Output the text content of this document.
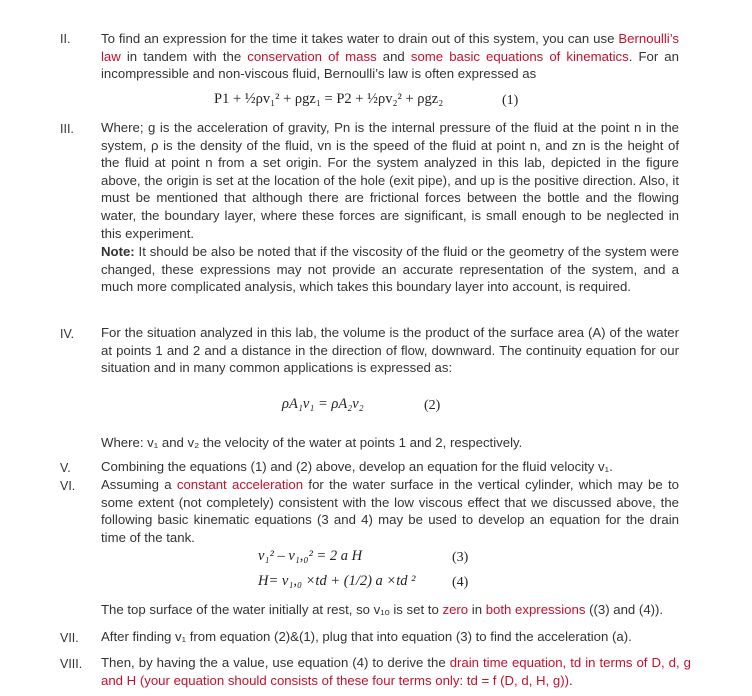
II. To find an expression for the time it takes water to drain out of this system, you can use Bernoulli’s law in tandem with the conservation of mass and some basic equations of kinematics. For an incompressible and non-viscous fluid, Bernoulli’s law is often expressed as

P1 + ½ρv₁² + ρgz₁ = P2 + ½ρv₂² + ρgz₂	(1)
III. Where; g is the acceleration of gravity, Pn is the internal pressure of the fluid at the point n in the system, ρ is the density of the fluid, vn is the speed of the fluid at point n, and zn is the height of the fluid at point n from a set origin. For the system analyzed in this lab, depicted in the figure above, the origin is set at the location of the hole (exit pipe), and up is the positive direction. Also, it must be mentioned that although there are frictional forces between the bottle and the flowing water, the boundary layer, where these forces are significant, is small enough to be neglected in this experiment.

Note: It should be also be noted that if the viscosity of the fluid or the geometry of the system were changed, these expressions may not provide an accurate representation of the system, and a much more complicated analysis, which takes this boundary layer into account, is required.

IV. For the situation analyzed in this lab, the volume is the product of the surface area (A) of the water at points 1 and 2 and a distance in the direction of flow, downward. The continuity equation for our situation and in many common applications is expressed as:

ρA₁v₁ = ρA₂v₂	(2)

Where: v₁ and v₂ the velocity of the water at points 1 and 2, respectively.

V. Combining the equations (1) and (2) above, develop an equation for the fluid velocity v₁.

VI. Assuming a constant acceleration for the water surface in the vertical cylinder, which may be to some extent (not completely) consistent with the low viscous effect that we discussed above, the following basic kinematic equations (3 and 4) may be used to develop an equation for the drain time of the tank.

v₁² – v₁,₀² = 2 a H	(3)
H= v₁,₀ ×td + (1/2) a ×td ²	(4)

The top surface of the water initially at rest, so v₁ₒ is set to zero in both expressions ((3) and (4)).

VII. After finding v₁ from equation (2)&(1), plug that into equation (3) to find the acceleration (a).

VIII. Then, by having the a value, use equation (4) to derive the drain time equation, td in terms of D, d, g and H (your equation should consists of these four terms only: td = f (D, d, H, g)).
